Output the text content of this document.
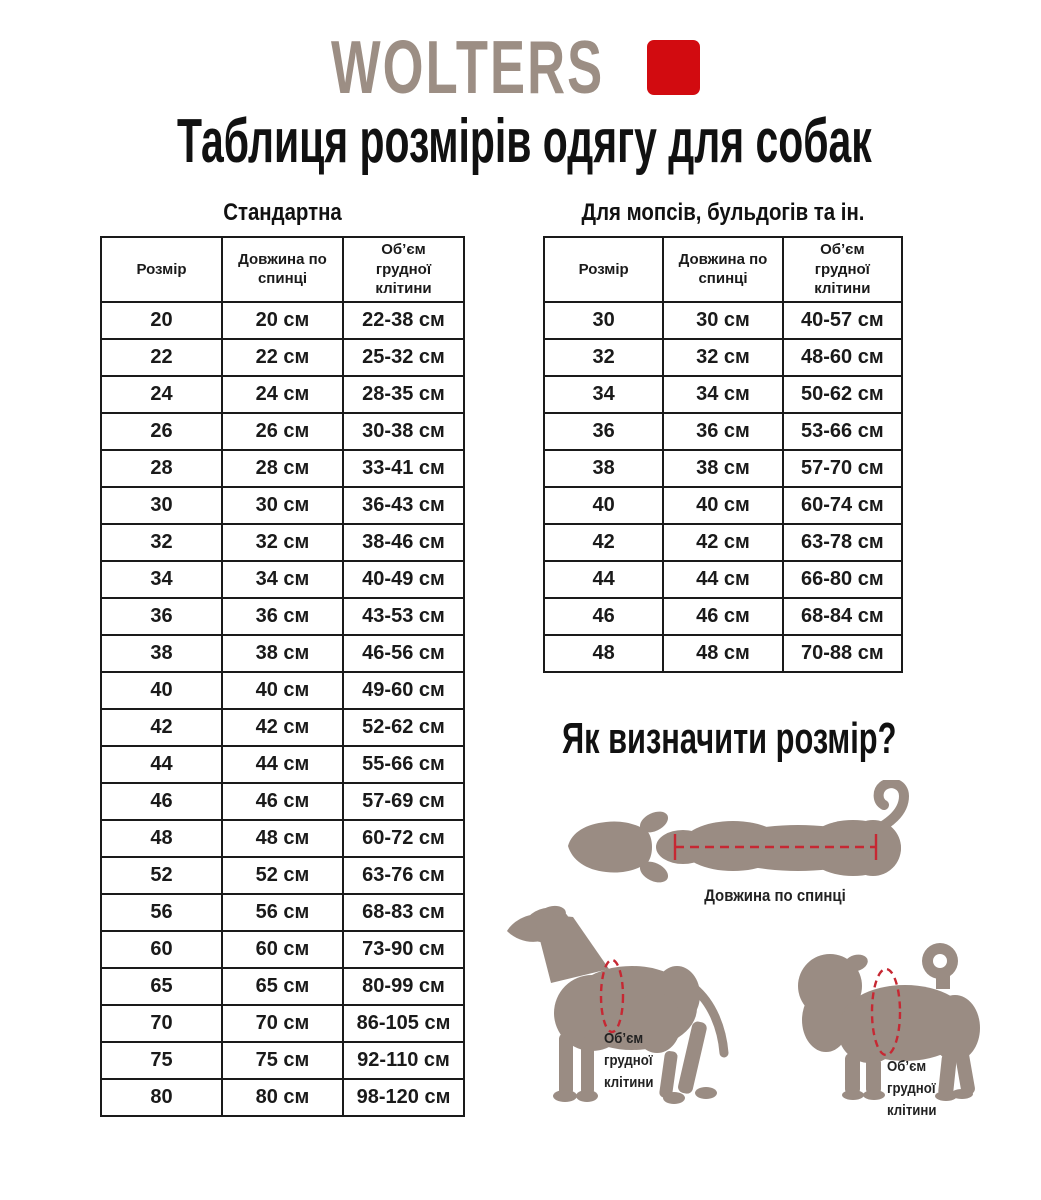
WOLTERS
Таблиця розмірів одягу для собак
Стандартна	Для мопсів, бульдогів та ін.
Розмір	Довжина по спинці	Об’єм грудної клітини
20	20 см	22-38 см
22	22 см	25-32 см
24	24 см	28-35 см
26	26 см	30-38 см
28	28 см	33-41 см
30	30 см	36-43 см
32	32 см	38-46 см
34	34 см	40-49 см
36	36 см	43-53 см
38	38 см	46-56 см
40	40 см	49-60 см
42	42 см	52-62 см
44	44 см	55-66 см
46	46 см	57-69 см
48	48 см	60-72 см
52	52 см	63-76 см
56	56 см	68-83 см
60	60 см	73-90 см
65	65 см	80-99 см
70	70 см	86-105 см
75	75 см	92-110 см
80	80 см	98-120 см
Розмір	Довжина по спинці	Об’єм грудної клітини
30	30 см	40-57 см
32	32 см	48-60 см
34	34 см	50-62 см
36	36 см	53-66 см
38	38 см	57-70 см
40	40 см	60-74 см
42	42 см	63-78 см
44	44 см	66-80 см
46	46 см	68-84 см
48	48 см	70-88 см
Як визначити розмір?
Довжина по спинці
Об’єм
грудної
клітини
Об’єм
грудної
клітини
